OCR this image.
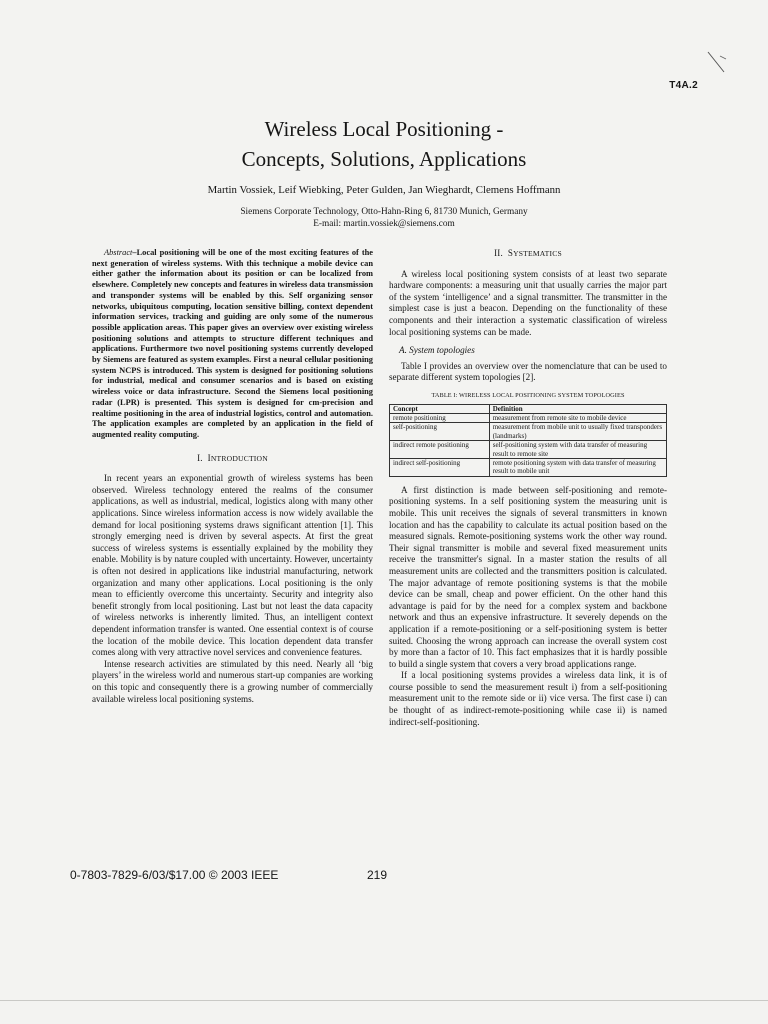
T4A.2
Wireless Local Positioning -
Concepts, Solutions, Applications
Martin Vossiek, Leif Wiebking, Peter Gulden, Jan Wieghardt, Clemens Hoffmann
Siemens Corporate Technology, Otto-Hahn-Ring 6, 81730 Munich, Germany
E-mail: martin.vossiek@siemens.com

Abstract–Local positioning will be one of the most exciting features of the next generation of wireless systems. With this technique a mobile device can either gather the information about its position or can be localized from elsewhere. Completely new concepts and features in wireless data transmission and transponder systems will be enabled by this. Self organizing sensor networks, ubiquitous computing, location sensitive billing, context dependent information services, tracking and guiding are only some of the numerous possible application areas. This paper gives an overview over existing wireless positioning solutions and attempts to structure different techniques and applications. Furthermore two novel positioning systems currently developed by Siemens are featured as system examples. First a neural cellular positioning system NCPS is introduced. This system is designed for positioning solutions for industrial, medical and consumer scenarios and is based on existing wireless voice or data infrastructure. Second the Siemens local positioning radar (LPR) is presented. This system is designed for cm-precision and realtime positioning in the area of industrial logistics, control and automation. The application examples are completed by an application in the field of augmented reality computing.

I. INTRODUCTION

In recent years an exponential growth of wireless systems has been observed. Wireless technology entered the realms of the consumer applications, as well as industrial, medical, logistics along with many other applications. Since wireless information access is now widely available the demand for local positioning systems draws significant attention [1]. This strongly emerging need is driven by several aspects. At first the great success of wireless systems is essentially explained by the mobility they enable. Mobility is by nature coupled with uncertainty. However, uncertainty is often not desired in applications like industrial manufacturing, network organization and many other applications. Local positioning is the only mean to efficiently overcome this uncertainty. Security and integrity also benefit strongly from local positioning. Last but not least the data capacity of wireless networks is inherently limited. Thus, an intelligent context dependent information transfer is wanted. One essential context is of course the location of the mobile device. This location dependent data transfer comes along with very attractive novel services and convenience features.

Intense research activities are stimulated by this need. Nearly all ‘big players’ in the wireless world and numerous start-up companies are working on this topic and consequently there is a growing number of commercially available wireless local positioning systems.

II. SYSTEMATICS

A wireless local positioning system consists of at least two separate hardware components: a measuring unit that usually carries the major part of the system ‘intelligence’ and a signal transmitter. The transmitter in the simplest case is just a beacon. Depending on the functionality of these components and their interaction a systematic classification of wireless local positioning systems can be made.

A. System topologies

Table I provides an overview over the nomenclature that can be used to separate different system topologies [2].

TABLE I: WIRELESS LOCAL POSITIONING SYSTEM TOPOLOGIES
Concept	Definition
remote positioning	measurement from remote site to mobile device
self-positioning	measurement from mobile unit to usually fixed transponders (landmarks)
indirect remote positioning	self-positioning system with data transfer of measuring result to remote site
indirect self-positioning	remote positioning system with data transfer of measuring result to mobile unit

A first distinction is made between self-positioning and remote-positioning systems. In a self positioning system the measuring unit is mobile. This unit receives the signals of several transmitters in known location and has the capability to calculate its actual position based on the measured signals. Remote-positioning systems work the other way round. Their signal transmitter is mobile and several fixed measurement units receive the transmitter's signal. In a master station the results of all measurement units are collected and the transmitters position is calculated. The major advantage of remote positioning systems is that the mobile device can be small, cheap and power efficient. On the other hand this advantage is paid for by the need for a complex system and backbone network and thus an expensive infrastructure. It severely depends on the application if a remote-positioning or a self-positioning system is better suited. Choosing the wrong approach can increase the overall system cost by more than a factor of 10. This fact emphasizes that it is hardly possible to build a single system that covers a very broad applications range.

If a local positioning systems provides a wireless data link, it is of course possible to send the measurement result i) from a self-positioning measurement unit to the remote side or ii) vice versa. The first case i) can be thought of as indirect-remote-positioning while case ii) is named indirect-self-positioning.

0-7803-7829-6/03/$17.00 © 2003 IEEE	219
